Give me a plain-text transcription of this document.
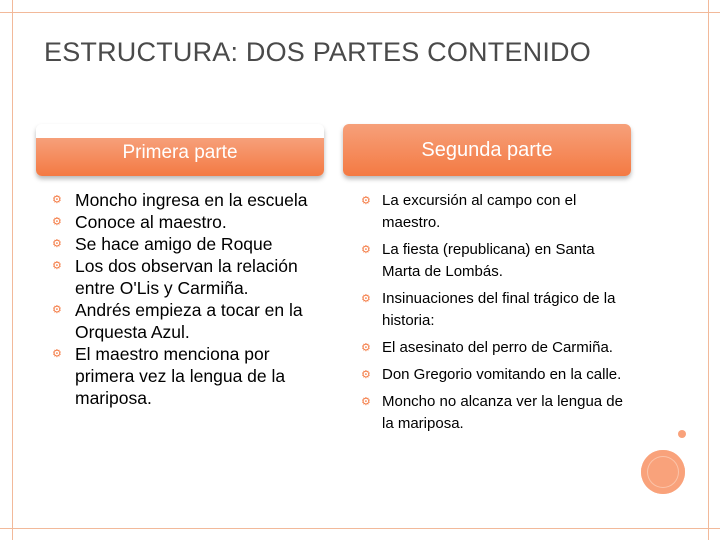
ESTRUCTURA: DOS PARTES CONTENIDO
Primera parte	Segunda parte
⚙ Moncho ingresa en la escuela
⚙ Conoce al maestro.
⚙ Se hace amigo de Roque
⚙ Los dos observan la relación entre O'Lis y Carmiña.
⚙ Andrés empieza a tocar en la Orquesta Azul.
⚙ El maestro menciona por primera vez la lengua de la mariposa.
⚙ La excursión al campo con el maestro.
⚙ La fiesta (republicana) en Santa Marta de Lombás.
⚙ Insinuaciones del final trágico de la historia:
⚙ El asesinato del perro de Carmiña.
⚙ Don Gregorio vomitando en la calle.
⚙ Moncho no alcanza ver la lengua de la mariposa.
